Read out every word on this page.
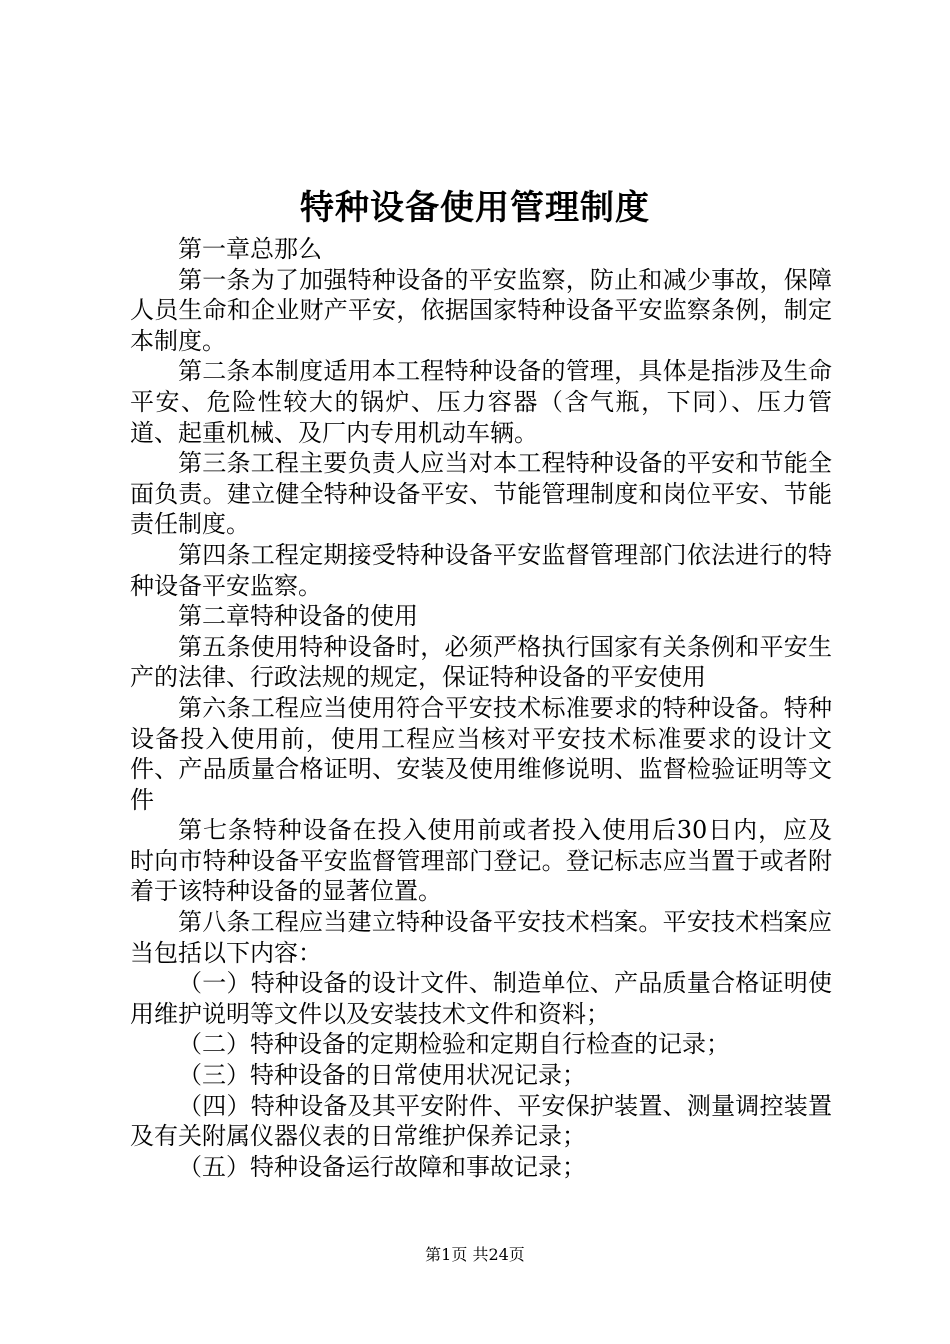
特种设备使用管理制度

第一章总那么

第一条为了加强特种设备的平安监察，防止和减少事故，保障人员生命和企业财产平安，依据国家特种设备平安监察条例，制定本制度。

第二条本制度适用本工程特种设备的管理，具体是指涉及生命平安、危险性较大的锅炉、压力容器（含气瓶，下同）、压力管道、起重机械、及厂内专用机动车辆。

第三条工程主要负责人应当对本工程特种设备的平安和节能全面负责。建立健全特种设备平安、节能管理制度和岗位平安、节能责任制度。

第四条工程定期接受特种设备平安监督管理部门依法进行的特种设备平安监察。

第二章特种设备的使用

第五条使用特种设备时，必须严格执行国家有关条例和平安生产的法律、行政法规的规定，保证特种设备的平安使用

第六条工程应当使用符合平安技术标准要求的特种设备。特种设备投入使用前，使用工程应当核对平安技术标准要求的设计文件、产品质量合格证明、安装及使用维修说明、监督检验证明等文件

第七条特种设备在投入使用前或者投入使用后30日内，应及时向市特种设备平安监督管理部门登记。登记标志应当置于或者附着于该特种设备的显著位置。

第八条工程应当建立特种设备平安技术档案。平安技术档案应当包括以下内容：

（一）特种设备的设计文件、制造单位、产品质量合格证明使用维护说明等文件以及安装技术文件和资料；

（二）特种设备的定期检验和定期自行检查的记录；

（三）特种设备的日常使用状况记录；

（四）特种设备及其平安附件、平安保护装置、测量调控装置及有关附属仪器仪表的日常维护保养记录；

（五）特种设备运行故障和事故记录；

第1页 共24页
